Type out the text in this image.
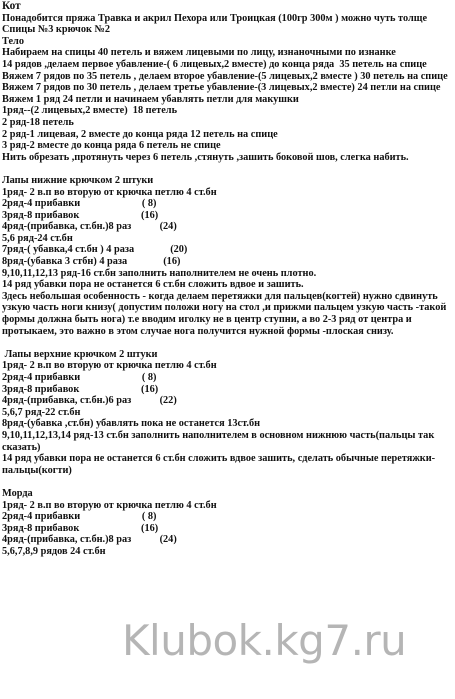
Кот

Понадобится пряжа Травка и акрил Пехора или Троицкая (100гр 300м ) можно чуть толще

Спицы №3 крючок №2

Тело

Набираем на спицы 40 петель и вяжем лицевыми по лицу, изнаночными по изнанке

14 рядов ,делаем первое убавление-( 6 лицевых,2 вместе) до конца ряда  35 петель на спице

Вяжем 7 рядов по 35 петель , делаем второе убавление-(5 лицевых,2 вместе ) 30 петель на спице

Вяжем 7 рядов по 30 петель , делаем третье убавление-(3 лицевых,2 вместе) 24 петли на спице

Вяжем 1 ряд 24 петли и начинаем убавлять петли для макушки

1ряд--(2 лицевых,2 вместе)  18 петель

2 ряд-18 петель

2 ряд-1 лицевая, 2 вместе до конца ряда 12 петель на спице

3 ряд-2 вместе до конца ряда 6 петель не спице

Нить обрезать ,протянуть через 6 петель ,стянуть ,зашить боковой шов, слегка набить.

Лапы нижние крючком 2 штуки

1ряд- 2 в.п во вторую от крючка петлю 4 ст.бн

2ряд-4 прибавки                        ( 8)

3ряд-8 прибавок                        (16)

4ряд-(прибавка, ст.бн.)8 раз           (24)

5,6 ряд-24 ст.бн

7ряд-( убавка,4 ст.бн ) 4 раза              (20)

8ряд-(убавка 3 стбн) 4 раза              (16)

9,10,11,12,13 ряд-16 ст.бн заполнить наполнителем не очень плотно.

14 ряд убавки пора не останется 6 ст.бн сложить вдвое и зашить.

Здесь небольшая особенность - когда делаем перетяжки для пальцев(когтей) нужно сдвинуть узкую часть ноги книзу( допустим положи ногу на стол ,и прижми пальцем узкую часть -такой формы должна быть нога) т.е вводим иголку не в центр ступни, а во 2-3 ряд от центра и протыкаем, это важно в этом случае нога получится нужной формы -плоская снизу.

Лапы верхние крючком 2 штуки

1ряд- 2 в.п во вторую от крючка петлю 4 ст.бн

2ряд-4 прибавки                        ( 8)

3ряд-8 прибавок                        (16)

4ряд-(прибавка, ст.бн.)6 раз           (22)

5,6,7 ряд-22 ст.бн

8ряд-(убавка ,ст.бн) убавлять пока не останется 13ст.бн

9,10,11,12,13,14 ряд-13 ст.бн заполнить наполнителем в основном нижнюю часть(пальцы так сказать)

14 ряд убавки пора не останется 6 ст.бн сложить вдвое зашить, сделать обычные перетяжки-пальцы(когти)

Морда

1ряд- 2 в.п во вторую от крючка петлю 4 ст.бн

2ряд-4 прибавки                        ( 8)

3ряд-8 прибавок                        (16)

4ряд-(прибавка, ст.бн.)8 раз           (24)

5,6,7,8,9 рядов 24 ст.бн

Klubok.kg7.ru
